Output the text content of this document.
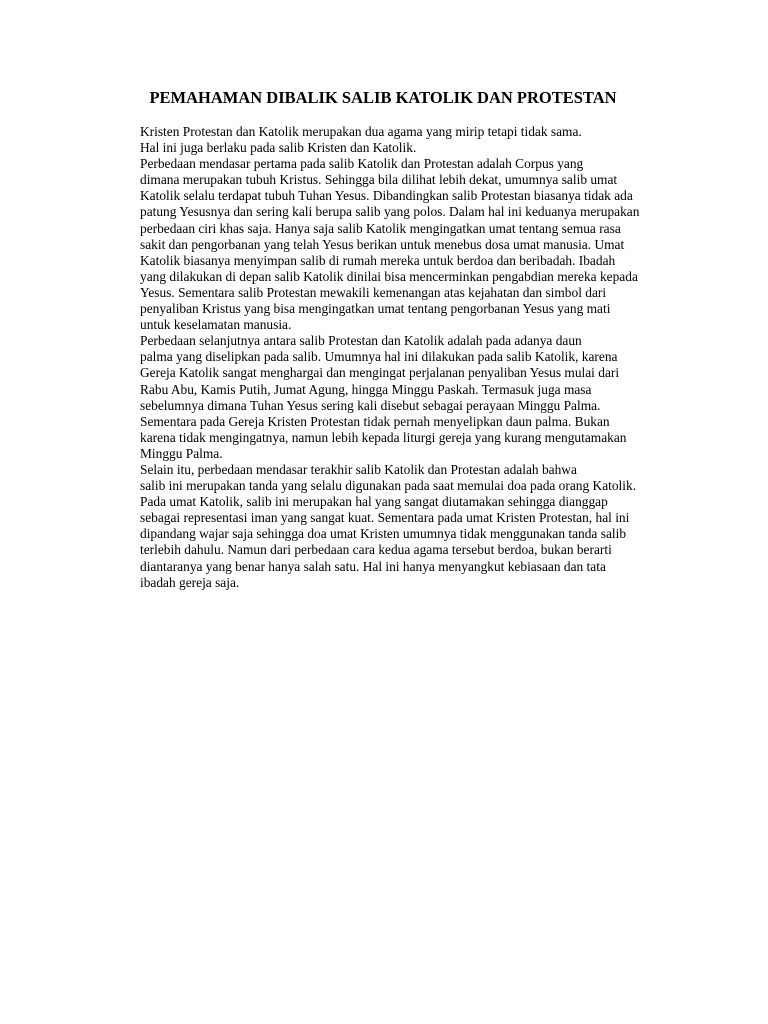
PEMAHAMAN DIBALIK SALIB KATOLIK DAN PROTESTAN

Kristen Protestan dan Katolik merupakan dua agama yang mirip tetapi tidak sama.
Hal ini juga berlaku pada salib Kristen dan Katolik.

Perbedaan mendasar pertama pada salib Katolik dan Protestan adalah Corpus yang
dimana merupakan tubuh Kristus. Sehingga bila dilihat lebih dekat, umumnya salib umat
Katolik selalu terdapat tubuh Tuhan Yesus. Dibandingkan salib Protestan biasanya tidak ada
patung Yesusnya dan sering kali berupa salib yang polos. Dalam hal ini keduanya merupakan
perbedaan ciri khas saja. Hanya saja salib Katolik mengingatkan umat tentang semua rasa
sakit dan pengorbanan yang telah Yesus berikan untuk menebus dosa umat manusia. Umat
Katolik biasanya menyimpan salib di rumah mereka untuk berdoa dan beribadah. Ibadah
yang dilakukan di depan salib Katolik dinilai bisa mencerminkan pengabdian mereka kepada
Yesus. Sementara salib Protestan mewakili kemenangan atas kejahatan dan simbol dari
penyaliban Kristus yang bisa mengingatkan umat tentang pengorbanan Yesus yang mati
untuk keselamatan manusia.

Perbedaan selanjutnya antara salib Protestan dan Katolik adalah pada adanya daun
palma yang diselipkan pada salib. Umumnya hal ini dilakukan pada salib Katolik, karena
Gereja Katolik sangat menghargai dan mengingat perjalanan penyaliban Yesus mulai dari
Rabu Abu, Kamis Putih, Jumat Agung, hingga Minggu Paskah. Termasuk juga masa
sebelumnya dimana Tuhan Yesus sering kali disebut sebagai perayaan Minggu Palma.
Sementara pada Gereja Kristen Protestan tidak pernah menyelipkan daun palma. Bukan
karena tidak mengingatnya, namun lebih kepada liturgi gereja yang kurang mengutamakan
Minggu Palma.

Selain itu, perbedaan mendasar terakhir salib Katolik dan Protestan adalah bahwa
salib ini merupakan tanda yang selalu digunakan pada saat memulai doa pada orang Katolik.
Pada umat Katolik, salib ini merupakan hal yang sangat diutamakan sehingga dianggap
sebagai representasi iman yang sangat kuat. Sementara pada umat Kristen Protestan, hal ini
dipandang wajar saja sehingga doa umat Kristen umumnya tidak menggunakan tanda salib
terlebih dahulu. Namun dari perbedaan cara kedua agama tersebut berdoa, bukan berarti
diantaranya yang benar hanya salah satu. Hal ini hanya menyangkut kebiasaan dan tata
ibadah gereja saja.
